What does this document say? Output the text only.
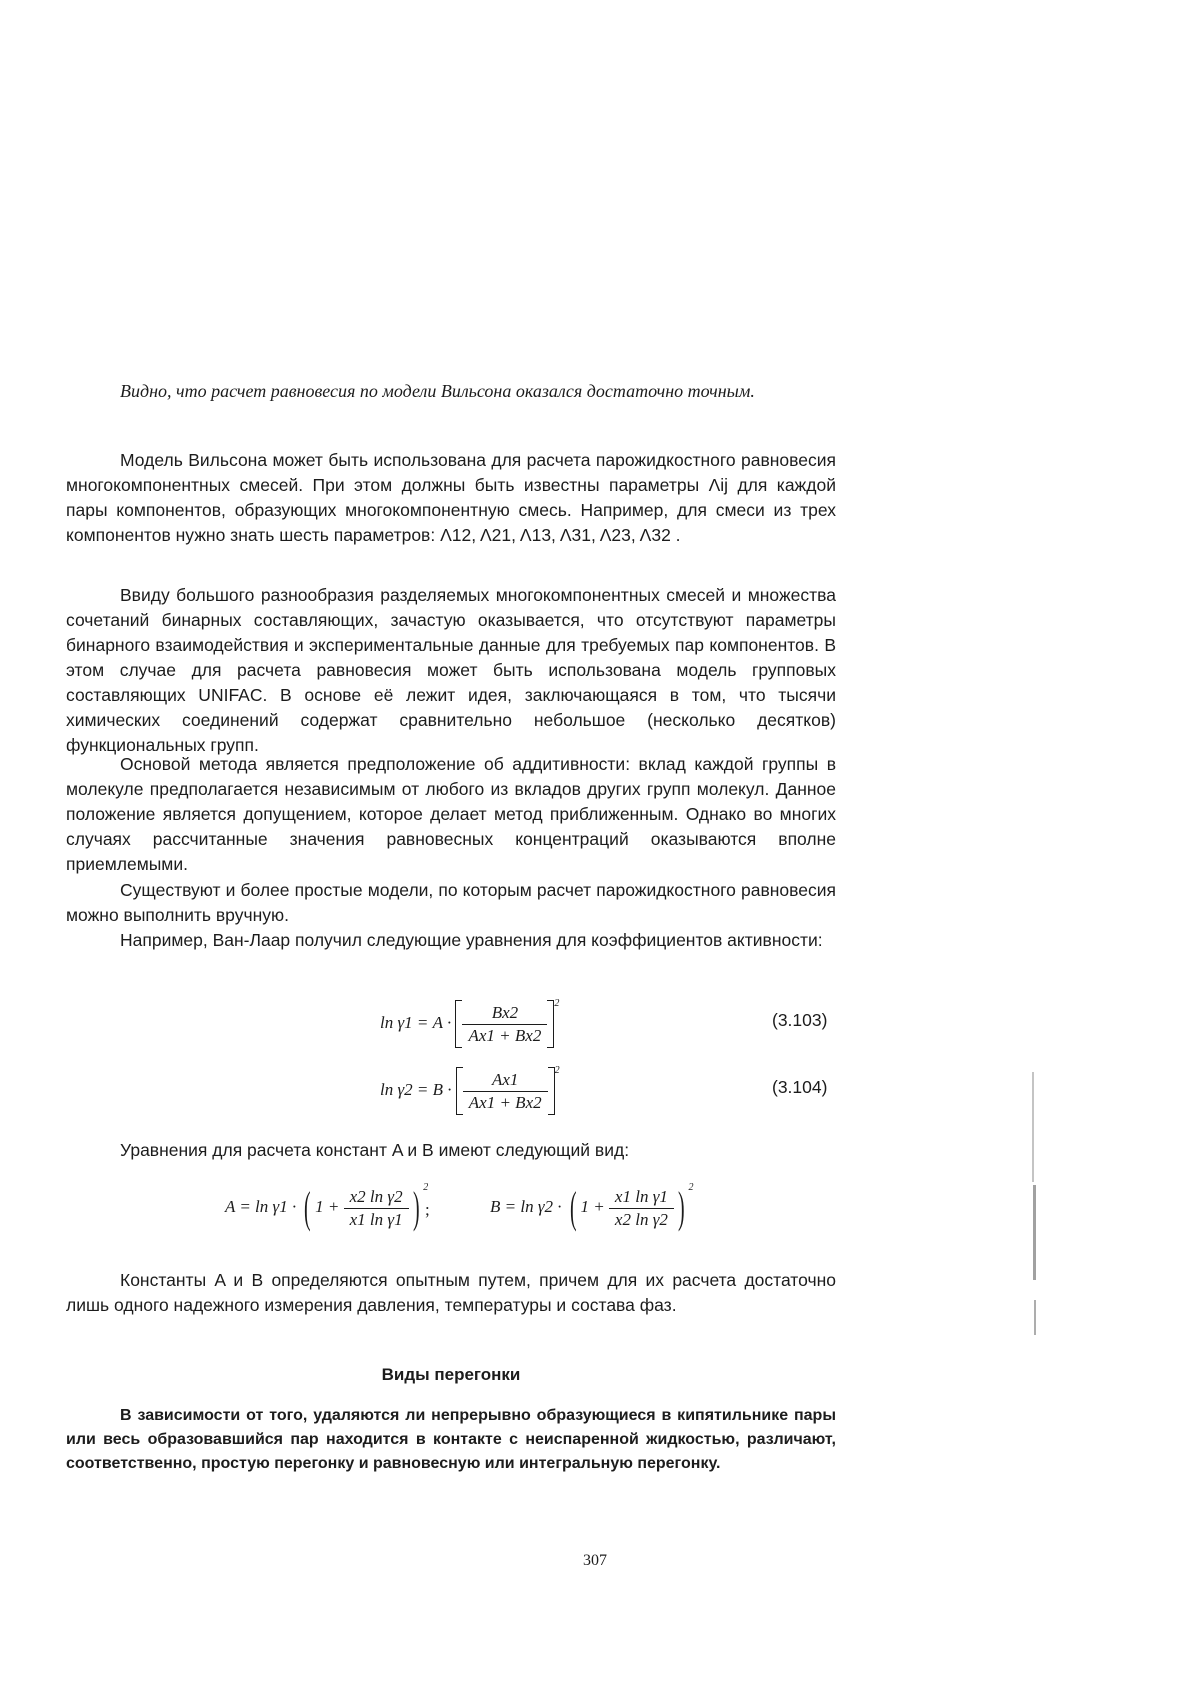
Видно, что расчет равновесия по модели Вильсона оказался достаточно точным.

Модель Вильсона может быть использована для расчета парожидкостного равновесия многокомпонентных смесей. При этом должны быть известны параметры Λij для каждой пары компонентов, образующих многокомпонентную смесь. Например, для смеси из трех компонентов нужно знать шесть параметров: Λ12, Λ21, Λ13, Λ31, Λ23, Λ32 .

Ввиду большого разнообразия разделяемых многокомпонентных смесей и множества сочетаний бинарных составляющих, зачастую оказывается, что отсутствуют параметры бинарного взаимодействия и экспериментальные данные для требуемых пар компонентов. В этом случае для расчета равновесия может быть использована модель групповых составляющих UNIFAC. В основе её лежит идея, заключающаяся в том, что тысячи химических соединений содержат сравнительно небольшое (несколько десятков) функциональных групп.

Основой метода является предположение об аддитивности: вклад каждой группы в молекуле предполагается независимым от любого из вкладов других групп молекул. Данное положение является допущением, которое делает метод приближенным. Однако во многих случаях рассчитанные значения равновесных концентраций оказываются вполне приемлемыми.

Существуют и более простые модели, по которым расчет парожидкостного равновесия можно выполнить вручную.

Например, Ван-Лаар получил следующие уравнения для коэффициентов активности:

$\ln \gamma 1 = A \cdot \frac{Bx2}{Ax1 + Bx2} ^2$
(3.103)
$\ln \gamma 2 = B \cdot \frac{Ax1}{Ax1 + Bx2} ^2$
(3.104)

Уравнения для расчета констант A и B имеют следующий вид:

A = ln γ1 · ( $1 + \frac{\text{x2 ln γ2}}{\text{x1 ln γ1}}$ ) $^2$
;	B = ln γ2 · ( $1 + \frac{\text{x1 ln γ1}}{\text{x2 ln γ2}}$ ) $^2$

Константы A и B определяются опытным путем, причем для их расчета достаточно лишь одного надежного измерения давления, температуры и состава фаз.

Виды перегонки

В зависимости от того, удаляются ли непрерывно образующиеся в кипятильнике пары или весь образовавшийся пар находится в контакте с неиспаренной жидкостью, различают, соответственно, простую перегонку и равновесную или интегральную перегонку.

307
